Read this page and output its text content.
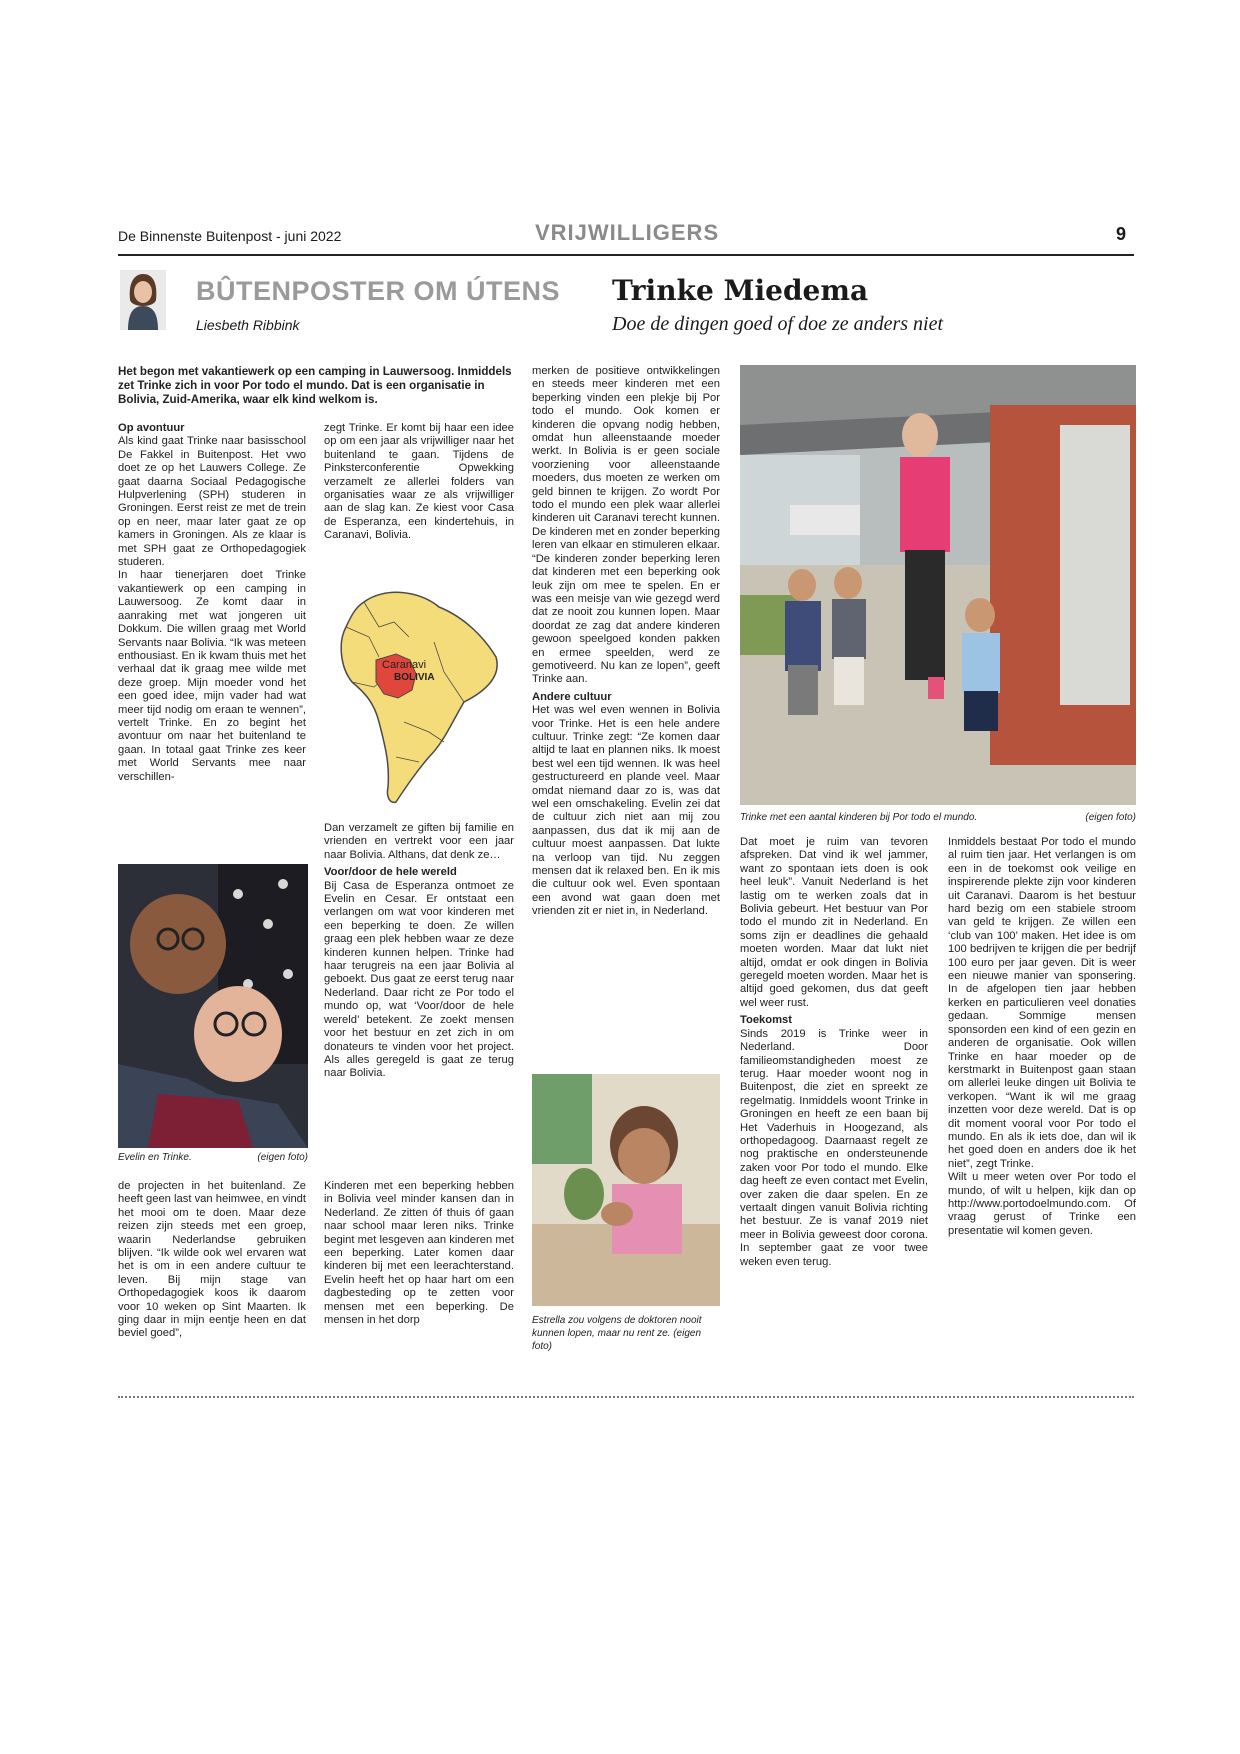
De Binnenste Buitenpost - juni 2022	VRIJWILLIGERS	9
BÛTENPOSTER OM ÚTENS
Liesbeth Ribbink
Trinke Miedema
Doe de dingen goed of doe ze anders niet

Het begon met vakantiewerk op een camping in Lauwersoog. Inmiddels zet Trinke zich in voor Por todo el mundo. Dat is een organisatie in Bolivia, Zuid-Amerika, waar elk kind welkom is.

Op avontuur

Als kind gaat Trinke naar basisschool De Fakkel in Buitenpost. Het vwo doet ze op het Lauwers College. Ze gaat daarna Sociaal Pedagogische Hulpverlening (SPH) studeren in Groningen. Eerst reist ze met de trein op en neer, maar later gaat ze op kamers in Groningen. Als ze klaar is met SPH gaat ze Orthopedagogiek studeren.

In haar tienerjaren doet Trinke vakantiewerk op een camping in Lauwersoog. Ze komt daar in aanraking met wat jongeren uit Dokkum. Die willen graag met World Servants naar Bolivia. “Ik was meteen enthousiast. En ik kwam thuis met het verhaal dat ik graag mee wilde met deze groep. Mijn moeder vond het een goed idee, mijn vader had wat meer tijd nodig om eraan te wennen”, vertelt Trinke. En zo begint het avontuur om naar het buitenland te gaan. In totaal gaat Trinke zes keer met World Servants mee naar verschillen-

zegt Trinke. Er komt bij haar een idee op om een jaar als vrijwilliger naar het buitenland te gaan. Tijdens de Pinksterconferentie Opwekking verzamelt ze allerlei folders van organisaties waar ze als vrijwilliger aan de slag kan. Ze kiest voor Casa de Esperanza, een kindertehuis, in Caranavi, Bolivia.

Dan verzamelt ze giften bij familie en vrienden en vertrekt voor een jaar naar Bolivia. Althans, dat denk ze…

Voor/door de hele wereld

Bij Casa de Esperanza ontmoet ze Evelin en Cesar. Er ontstaat een verlangen om wat voor kinderen met een beperking te doen. Ze willen graag een plek hebben waar ze deze kinderen kunnen helpen. Trinke had haar terugreis na een jaar Bolivia al geboekt. Dus gaat ze eerst terug naar Nederland. Daar richt ze Por todo el mundo op, wat ‘Voor/door de hele wereld’ betekent. Ze zoekt mensen voor het bestuur en zet zich in om donateurs te vinden voor het project. Als alles geregeld is gaat ze terug naar Bolivia.

de projecten in het buitenland. Ze heeft geen last van heimwee, en vindt het mooi om te doen. Maar deze reizen zijn steeds met een groep, waarin Nederlandse gebruiken blijven. “Ik wilde ook wel ervaren wat het is om in een andere cultuur te leven. Bij mijn stage van Orthopedagogiek koos ik daarom voor 10 weken op Sint Maarten. Ik ging daar in mijn eentje heen en dat beviel goed”,

Kinderen met een beperking hebben in Bolivia veel minder kansen dan in Nederland. Ze zitten óf thuis óf gaan naar school maar leren niks. Trinke begint met lesgeven aan kinderen met een beperking. Later komen daar kinderen bij met een leerachterstand. Evelin heeft het op haar hart om een dagbesteding op te zetten voor mensen met een beperking. De mensen in het dorp

merken de positieve ontwikkelingen en steeds meer kinderen met een beperking vinden een plekje bij Por todo el mundo. Ook komen er kinderen die opvang nodig hebben, omdat hun alleenstaande moeder werkt. In Bolivia is er geen sociale voorziening voor alleenstaande moeders, dus moeten ze werken om geld binnen te krijgen. Zo wordt Por todo el mundo een plek waar allerlei kinderen uit Caranavi terecht kunnen. De kinderen met en zonder beperking leren van elkaar en stimuleren elkaar. “De kinderen zonder beperking leren dat kinderen met een beperking ook leuk zijn om mee te spelen. En er was een meisje van wie gezegd werd dat ze nooit zou kunnen lopen. Maar doordat ze zag dat andere kinderen gewoon speelgoed konden pakken en ermee speelden, werd ze gemotiveerd. Nu kan ze lopen”, geeft Trinke aan.

Andere cultuur

Het was wel even wennen in Bolivia voor Trinke. Het is een hele andere cultuur. Trinke zegt: “Ze komen daar altijd te laat en plannen niks. Ik moest best wel een tijd wennen. Ik was heel gestructureerd en plande veel. Maar omdat niemand daar zo is, was dat wel een omschakeling. Evelin zei dat de cultuur zich niet aan mij zou aanpassen, dus dat ik mij aan de cultuur moest aanpassen. Dat lukte na verloop van tijd. Nu zeggen mensen dat ik relaxed ben. En ik mis die cultuur ook wel. Even spontaan een avond wat gaan doen met vrienden zit er niet in, in Nederland.

Dat moet je ruim van tevoren afspreken. Dat vind ik wel jammer, want zo spontaan iets doen is ook heel leuk”. Vanuit Nederland is het lastig om te werken zoals dat in Bolivia gebeurt. Het bestuur van Por todo el mundo zit in Nederland. En soms zijn er deadlines die gehaald moeten worden. Maar dat lukt niet altijd, omdat er ook dingen in Bolivia geregeld moeten worden. Maar het is altijd goed gekomen, dus dat geeft wel weer rust.

Toekomst

Sinds 2019 is Trinke weer in Nederland. Door familieomstandigheden moest ze terug. Haar moeder woont nog in Buitenpost, die ziet en spreekt ze regelmatig. Inmiddels woont Trinke in Groningen en heeft ze een baan bij Het Vaderhuis in Hoogezand, als orthopedagoog. Daarnaast regelt ze nog praktische en ondersteunende zaken voor Por todo el mundo. Elke dag heeft ze even contact met Evelin, over zaken die daar spelen. En ze vertaalt dingen vanuit Bolivia richting het bestuur. Ze is vanaf 2019 niet meer in Bolivia geweest door corona. In september gaat ze voor twee weken even terug.

Inmiddels bestaat Por todo el mundo al ruim tien jaar. Het verlangen is om een in de toekomst ook veilige en inspirerende plekte zijn voor kinderen uit Caranavi. Daarom is het bestuur hard bezig om een stabiele stroom van geld te krijgen. Ze willen een ‘club van 100’ maken. Het idee is om 100 bedrijven te krijgen die per bedrijf 100 euro per jaar geven. Dit is weer een nieuwe manier van sponsering. In de afgelopen tien jaar hebben kerken en particulieren veel donaties gedaan. Sommige mensen sponsorden een kind of een gezin en anderen de organisatie. Ook willen Trinke en haar moeder op de kerstmarkt in Buitenpost gaan staan om allerlei leuke dingen uit Bolivia te verkopen. “Want ik wil me graag inzetten voor deze wereld. Dat is op dit moment vooral voor Por todo el mundo. En als ik iets doe, dan wil ik het goed doen en anders doe ik het niet”, zegt Trinke.

Wilt u meer weten over Por todo el mundo, of wilt u helpen, kijk dan op http://www.portodoelmundo.com. Of vraag gerust of Trinke een presentatie wil komen geven.

Caranavi
BOLIVIA
Trinke met een aantal kinderen bij Por todo el mundo.	(eigen foto)
Evelin en Trinke.	(eigen foto)
Estrella zou volgens de doktoren nooit kunnen lopen, maar nu rent ze. (eigen foto)
